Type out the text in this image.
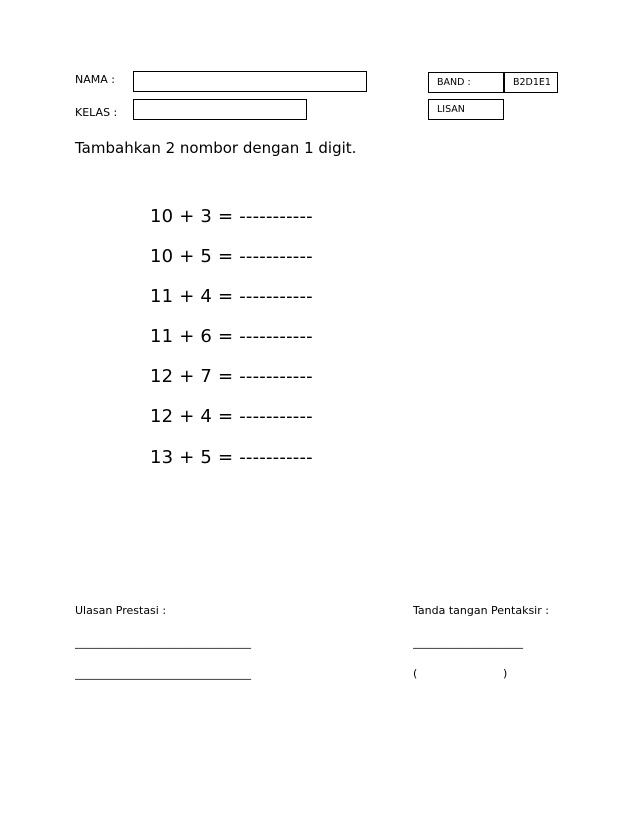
NAMA :	BAND :	B2D1E1
KELAS :	LISAN
Tambahkan 2 nombor dengan 1 digit.
10 + 3 = -----------
10 + 5 = -----------
11 + 4 = -----------
11 + 6 = -----------
12 + 7 = -----------
12 + 4 = -----------
13 + 5 = -----------
Ulasan Prestasi :
________________________________
________________________________
Tanda tangan Pentaksir :
____________________
(	)
